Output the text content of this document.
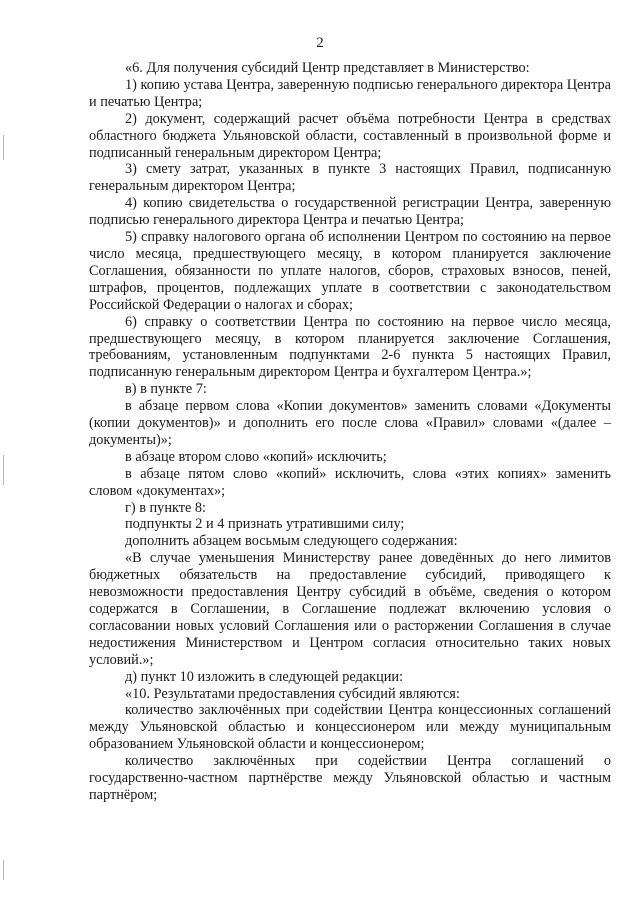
2

«6. Для получения субсидий Центр представляет в Министерство:

1) копию устава Центра, заверенную подписью генерального директора Центра и печатью Центра;

2) документ, содержащий расчет объёма потребности Центра в средствах областного бюджета Ульяновской области, составленный в произвольной форме и подписанный генеральным директором Центра;

3) смету затрат, указанных в пункте 3 настоящих Правил, подписанную генеральным директором Центра;

4) копию свидетельства о государственной регистрации Центра, заверенную подписью генерального директора Центра и печатью Центра;

5) справку налогового органа об исполнении Центром по состоянию на первое число месяца, предшествующего месяцу, в котором планируется заключение Соглашения, обязанности по уплате налогов, сборов, страховых взносов, пеней, штрафов, процентов, подлежащих уплате в соответствии с законодательством Российской Федерации о налогах и сборах;

6) справку о соответствии Центра по состоянию на первое число месяца, предшествующего месяцу, в котором планируется заключение Соглашения, требованиям, установленным подпунктами 2-6 пункта 5 настоящих Правил, подписанную генеральным директором Центра и бухгалтером Центра.»;

в) в пункте 7:

в абзаце первом слова «Копии документов» заменить словами «Документы (копии документов)» и дополнить его после слова «Правил» словами «(далее – документы)»;

в абзаце втором слово «копий» исключить;

в абзаце пятом слово «копий» исключить, слова «этих копиях» заменить словом «документах»;

г) в пункте 8:

подпункты 2 и 4 признать утратившими силу;

дополнить абзацем восьмым следующего содержания:

«В случае уменьшения Министерству ранее доведённых до него лимитов бюджетных обязательств на предоставление субсидий, приводящего к невозможности предоставления Центру субсидий в объёме, сведения о котором содержатся в Соглашении, в Соглашение подлежат включению условия о согласовании новых условий Соглашения или о расторжении Соглашения в случае недостижения Министерством и Центром согласия относительно таких новых условий.»;

д) пункт 10 изложить в следующей редакции:

«10. Результатами предоставления субсидий являются:

количество заключённых при содействии Центра концессионных соглашений между Ульяновской областью и концессионером или между муниципальным образованием Ульяновской области и концессионером;

количество заключённых при содействии Центра соглашений о государственно-частном партнёрстве между Ульяновской областью и частным партнёром;
